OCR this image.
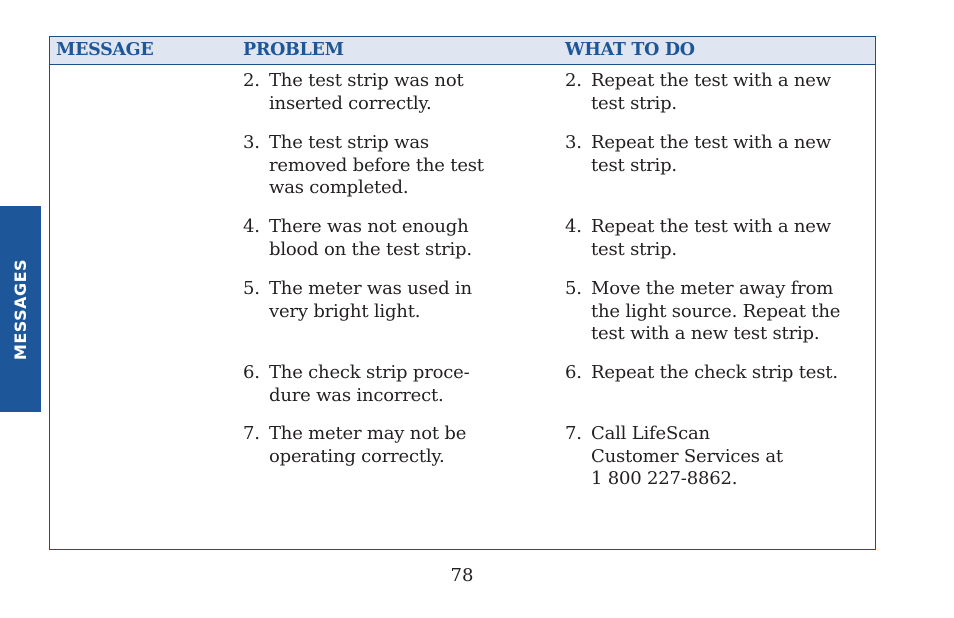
MESSAGES
MESSAGE	PROBLEM	WHAT TO DO
2. The test strip was not
inserted correctly.
2. Repeat the test with a new
test strip.
3. The test strip was
removed before the test
was completed.
3. Repeat the test with a new
test strip.
4. There was not enough
blood on the test strip.
4. Repeat the test with a new
test strip.
5. The meter was used in
very bright light.
5. Move the meter away from
the light source. Repeat the
test with a new test strip.
6. The check strip proce-
dure was incorrect.
6. Repeat the check strip test.
7. The meter may not be
operating correctly.
7. Call LifeScan
Customer Services at
1 800 227-8862.
78
